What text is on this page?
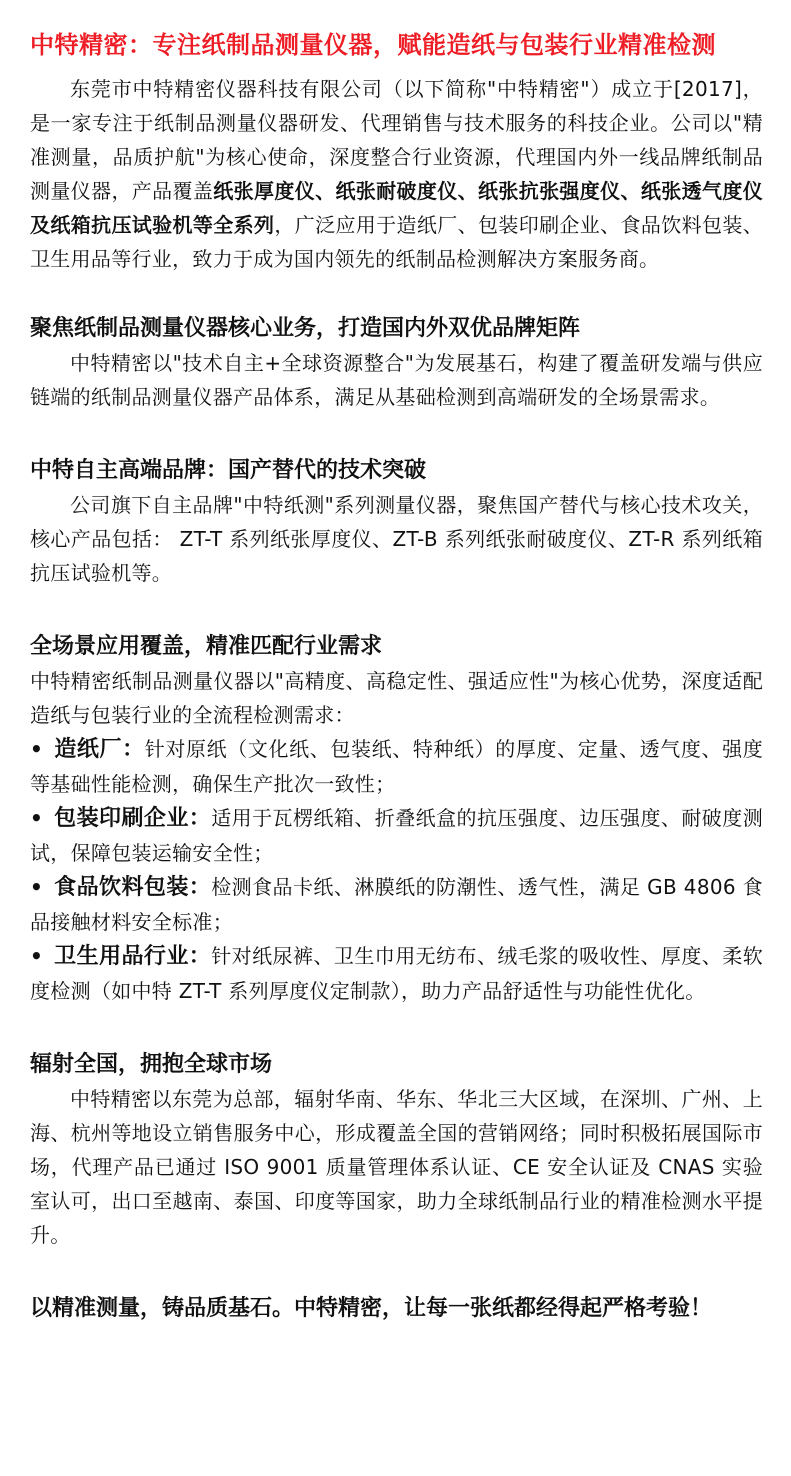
中特精密：专注纸制品测量仪器，赋能造纸与包装行业精准检测

东莞市中特精密仪器科技有限公司（以下简称"中特精密"）成立于[2017]，是一家专注于纸制品测量仪器研发、代理销售与技术服务的科技企业。公司以"精准测量，品质护航"为核心使命，深度整合行业资源，代理国内外一线品牌纸制品测量仪器，产品覆盖纸张厚度仪、纸张耐破度仪、纸张抗张强度仪、纸张透气度仪及纸箱抗压试验机等全系列，广泛应用于造纸厂、包装印刷企业、食品饮料包装、卫生用品等行业，致力于成为国内领先的纸制品检测解决方案服务商。

聚焦纸制品测量仪器核心业务，打造国内外双优品牌矩阵

中特精密以"技术自主+全球资源整合"为发展基石，构建了覆盖研发端与供应链端的纸制品测量仪器产品体系，满足从基础检测到高端研发的全场景需求。

中特自主高端品牌：国产替代的技术突破

公司旗下自主品牌"中特纸测"系列测量仪器，聚焦国产替代与核心技术攻关，核心产品包括： ZT-T 系列纸张厚度仪、ZT-B 系列纸张耐破度仪、ZT-R 系列纸箱抗压试验机等。

全场景应用覆盖，精准匹配行业需求

中特精密纸制品测量仪器以"高精度、高稳定性、强适应性"为核心优势，深度适配造纸与包装行业的全流程检测需求：

• 造纸厂：针对原纸（文化纸、包装纸、特种纸）的厚度、定量、透气度、强度等基础性能检测，确保生产批次一致性；

• 包装印刷企业：适用于瓦楞纸箱、折叠纸盒的抗压强度、边压强度、耐破度测试，保障包装运输安全性；

• 食品饮料包装：检测食品卡纸、淋膜纸的防潮性、透气性，满足 GB 4806 食品接触材料安全标准；

• 卫生用品行业：针对纸尿裤、卫生巾用无纺布、绒毛浆的吸收性、厚度、柔软度检测（如中特 ZT-T 系列厚度仪定制款），助力产品舒适性与功能性优化。

辐射全国，拥抱全球市场

中特精密以东莞为总部，辐射华南、华东、华北三大区域，在深圳、广州、上海、杭州等地设立销售服务中心，形成覆盖全国的营销网络；同时积极拓展国际市场，代理产品已通过 ISO 9001 质量管理体系认证、CE 安全认证及 CNAS 实验室认可，出口至越南、泰国、印度等国家，助力全球纸制品行业的精准检测水平提升。

以精准测量，铸品质基石。中特精密，让每一张纸都经得起严格考验！
